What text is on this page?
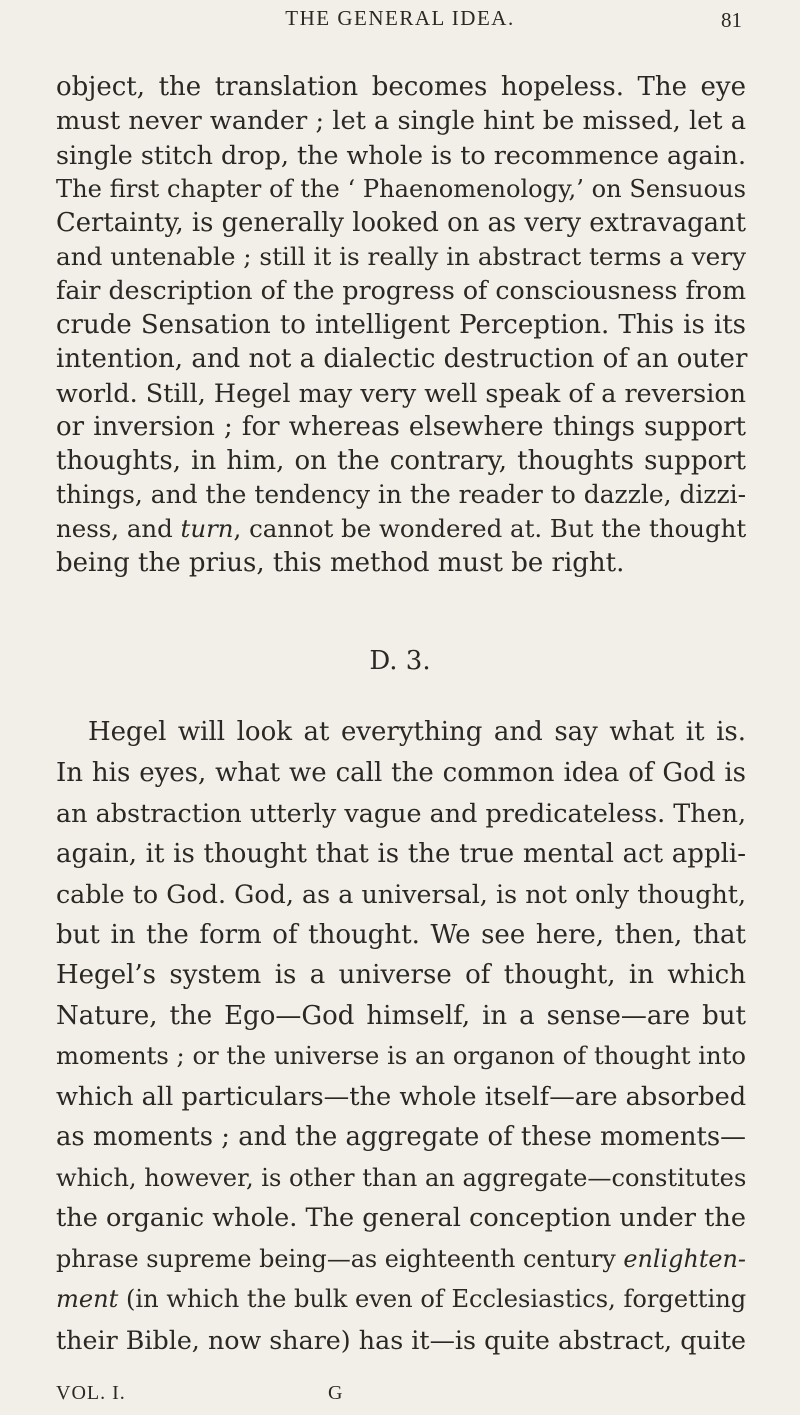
THE GENERAL IDEA.	81
object, the translation becomes hopeless. The eye
must never wander ; let a single hint be missed, let a
single stitch drop, the whole is to recommence again.
The first chapter of the ‘ Phaenomenology,’ on Sensuous
Certainty, is generally looked on as very extravagant
and untenable ; still it is really in abstract terms a very
fair description of the progress of consciousness from
crude Sensation to intelligent Perception. This is its
intention, and not a dialectic destruction of an outer
world. Still, Hegel may very well speak of a reversion
or inversion ; for whereas elsewhere things support
thoughts, in him, on the contrary, thoughts support
things, and the tendency in the reader to dazzle, dizzi-
ness, and turn, cannot be wondered at. But the thought
being the prius, this method must be right.
D. 3.
Hegel will look at everything and say what it is.
In his eyes, what we call the common idea of God is
an abstraction utterly vague and predicateless. Then,
again, it is thought that is the true mental act appli-
cable to God. God, as a universal, is not only thought,
but in the form of thought. We see here, then, that
Hegel’s system is a universe of thought, in which
Nature, the Ego—God himself, in a sense—are but
moments ; or the universe is an organon of thought into
which all particulars—the whole itself—are absorbed
as moments ; and the aggregate of these moments—
which, however, is other than an aggregate—constitutes
the organic whole. The general conception under the
phrase supreme being—as eighteenth century enlighten-
ment (in which the bulk even of Ecclesiastics, forgetting
their Bible, now share) has it—is quite abstract, quite
VOL. I.	G
